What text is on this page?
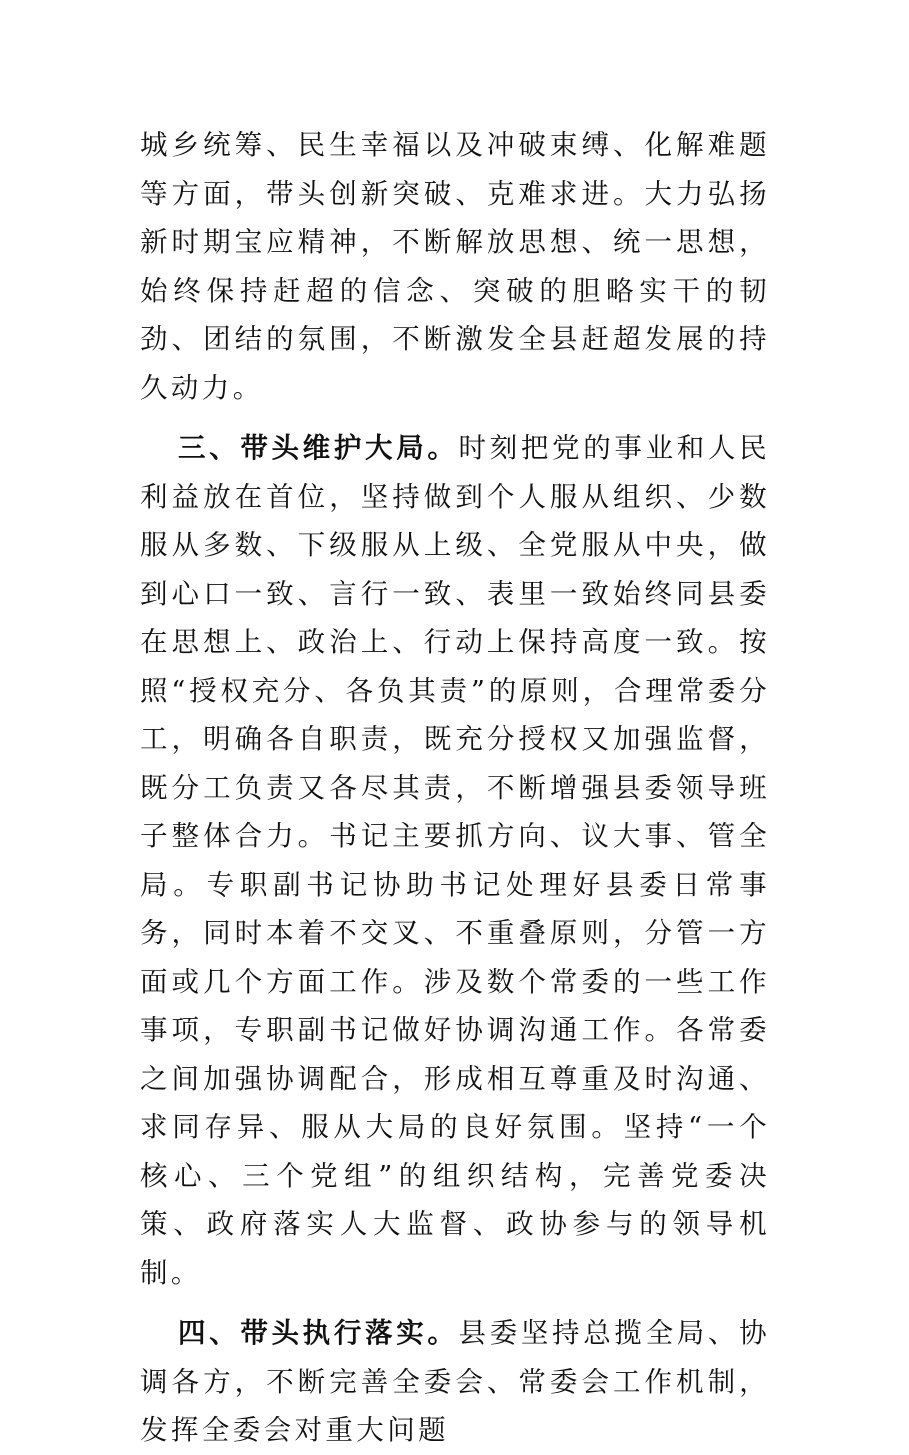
城乡统筹、民生幸福以及冲破束缚、化解难题等方面，带头创新突破、克难求进。大力弘扬新时期宝应精神，不断解放思想、统一思想，始终保持赶超的信念、突破的胆略实干的韧劲、团结的氛围，不断激发全县赶超发展的持久动力。

三、带头维护大局。时刻把党的事业和人民利益放在首位，坚持做到个人服从组织、少数服从多数、下级服从上级、全党服从中央，做到心口一致、言行一致、表里一致始终同县委在思想上、政治上、行动上保持高度一致。按照“授权充分、各负其责”的原则，合理常委分工，明确各自职责，既充分授权又加强监督，既分工负责又各尽其责，不断增强县委领导班子整体合力。书记主要抓方向、议大事、管全局。专职副书记协助书记处理好县委日常事务，同时本着不交叉、不重叠原则，分管一方面或几个方面工作。涉及数个常委的一些工作事项，专职副书记做好协调沟通工作。各常委之间加强协调配合，形成相互尊重及时沟通、求同存异、服从大局的良好氛围。坚持“一个核心、三个党组”的组织结构，完善党委决策、政府落实人大监督、政协参与的领导机制。

四、带头执行落实。县委坚持总揽全局、协调各方，不断完善全委会、常委会工作机制，发挥全委会对重大问题
